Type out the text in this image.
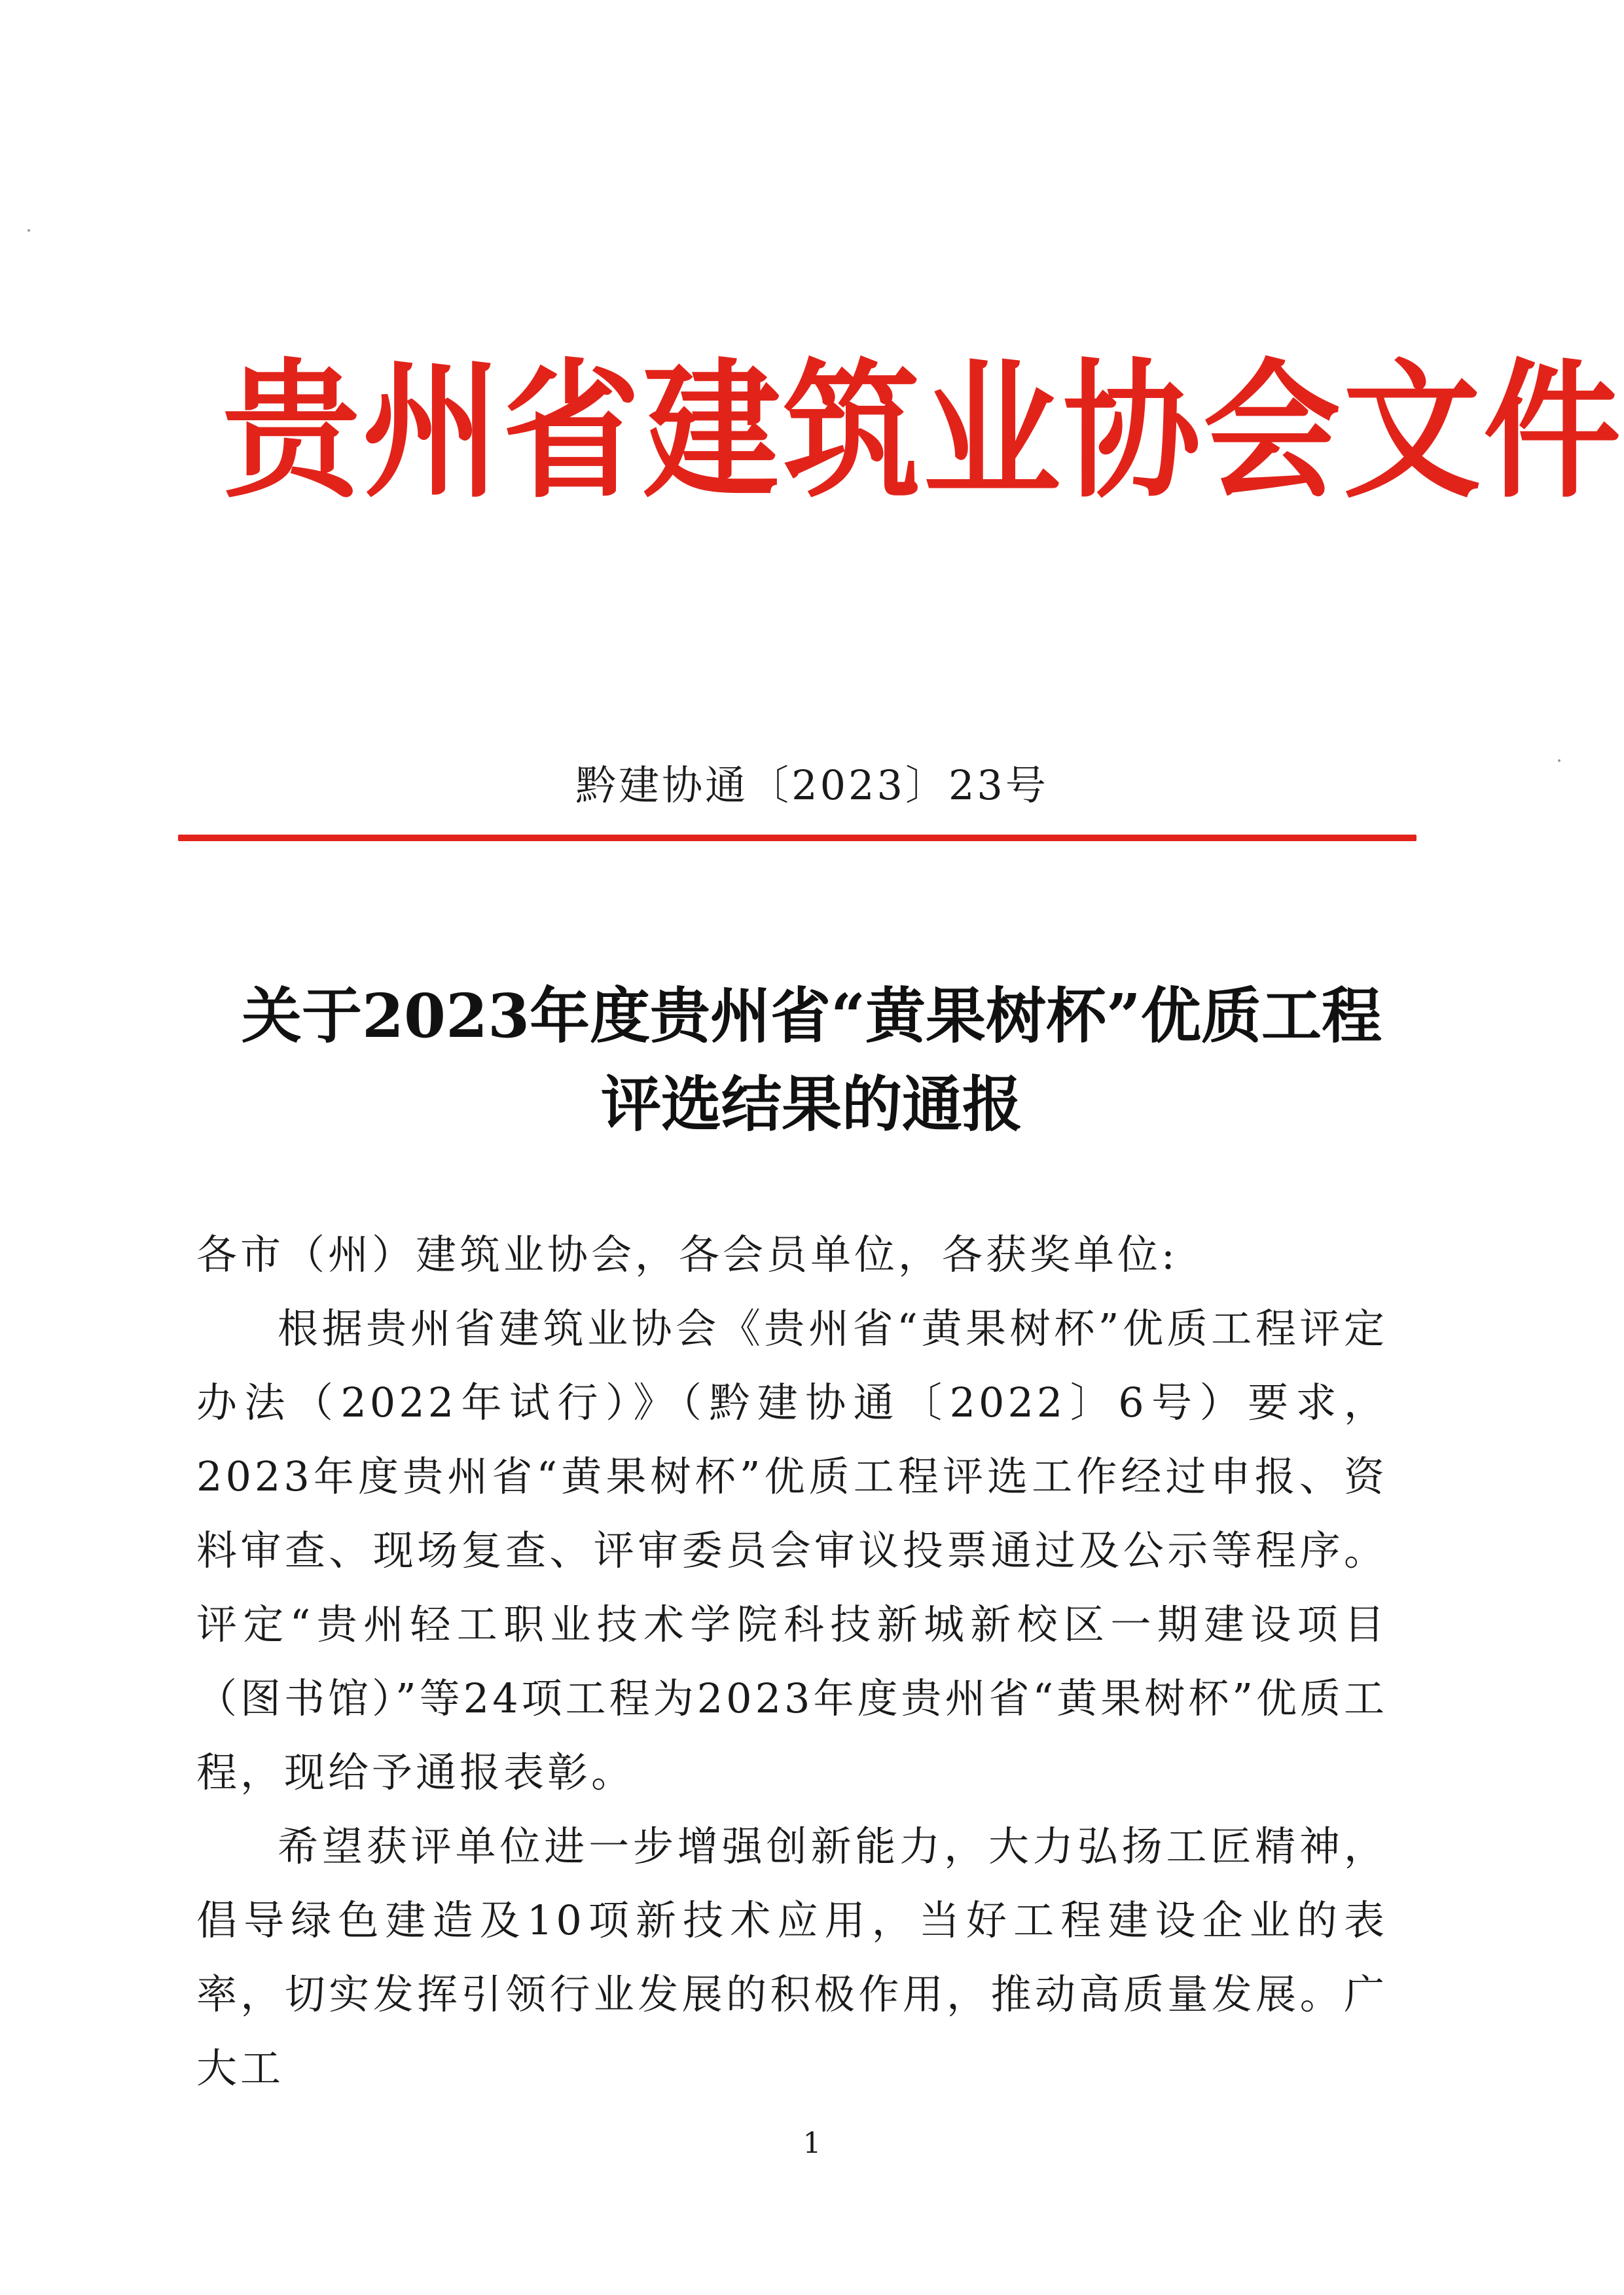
贵州省建筑业协会文件
黔建协通〔2023〕23号
关于2023年度贵州省“黄果树杯”优质工程
评选结果的通报

各市（州）建筑业协会，各会员单位，各获奖单位:

根据贵州省建筑业协会《贵州省“黄果树杯”优质工程评定办法（2022年试行）》（黔建协通〔2022〕6号）要求，2023年度贵州省“黄果树杯”优质工程评选工作经过申报、资料审查、现场复查、评审委员会审议投票通过及公示等程序。评定“贵州轻工职业技术学院科技新城新校区一期建设项目（图书馆）”等24项工程为2023年度贵州省“黄果树杯”优质工程，现给予通报表彰。

希望获评单位进一步增强创新能力，大力弘扬工匠精神，倡导绿色建造及10项新技术应用，当好工程建设企业的表率，切实发挥引领行业发展的积极作用，推动高质量发展。广大工

1
